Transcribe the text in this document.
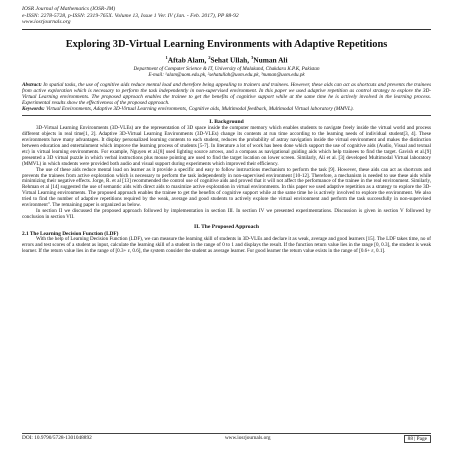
IOSR Journal of Mathematics (IOSR-JM)
e-ISSN: 2278-5728, p-ISSN: 2319-765X. Volume 13, Issue 1 Ver. IV (Jan. - Feb. 2017), PP 88-92
www.iosrjournals.org
Exploring 3D-Virtual Learning Environments with Adaptive Repetitions
$^1$Aftab Alam, $^2$Sehat Ullah, $^3$Numan Ali
Department of Computer Science & IT, University of Malakand, Chakdara K.P.K, Pakistan
E-mail: ¹alam@uom.edu.pk, ²sehatullah@uom.edu.pk, ³numan@uom.edu.pk
Abstract: In spatial tasks, the use of cognitive aids reduce mental load and therefore being appealing to trainers and trainees. However, these aids can act as shortcuts and prevents the trainees from active exploration which is necessary to perform the task independently in non-supervised environment. In this paper we used adaptive repetition as control strategy to explore the 3D- Virtual Learning environments. The proposed approach enables the trainee to get the benefits of cognitive support while at the same time he is actively involved in the learning process. Experimental results show the effectiveness of the proposed approach.
Keywords: Virtual Environments, Adaptive 3D-Virtual Learning environments, Cognitive aids, Multimodal feedback, Multimodal Virtual laboratory (MMVL).
I. Background

3D-Virtual Learning Environments (3D-VLEs) are the representation of 3D space inside the computer memory which enables students to navigate freely inside the virtual world and process different objects in real time[1, 2]. Adaptive 3D-Virtual Learning Environments (3D-VLEs) change its contents at run time according to the learning needs of individual student[3, 4]. These environments have many advantages. It display personalized learning contents to each student, reduces the probability of astray navigation inside the virtual environment and makes the distinction between education and entertainment which improve the learning process of students [5-7]. In literature a lot of work has been done which support the use of cognitive aids (Audio, Visual and textual etc) in virtual learning environments. For example, Nguyen et al.[8] used lighting source arrows, and a compass as navigational guiding aids which help trainees to find the target. Gavish et al.[9] presented a 3D virtual puzzle in which verbal instructions plus mouse pointing are used to find the target location on lower screen. Similarly, Ali et al. [3] developed Multimodal Virtual laboratory (MMVL) in which students were provided both audio and visual support during experiments which improved their efficiency.

The use of these aids reduce mental load on learner as it provide a specific and easy to follow instructions mechanism to perform the task [9]. However, these aids can act as shortcuts and prevents the trainees from active exploration which is necessary to perform the task independently in non-supervised environment [10-12]. Therefore, a mechanism is needed to use these aids while minimizing their negative effects. Jorge, R. et al [13] recommended the control use of cognitive aids and proved that it will not affect the performance of the trainee in the real environment. Similarly, Rehman et al [14] suggested the use of semantic aids with direct aids to maximize active exploration in virtual environments. In this paper we used adaptive repetition as a strategy to explore the 3D- Virtual Learning environments. The proposed approach enables the trainee to get the benefits of cognitive support while at the same time he is actively involved to explore the environment. We also tried to find the number of adaptive repetitions required by the weak, average and good students to actively explore the virtual environment and perform the task successfully in non-supervised environment". The remaining paper is organized as below.

In section II we discussed the proposed approach followed by implementation in section III. In section IV we presented experimentations. Discussion is given in section V followed by conclusion in section VII.

II. The Proposed Approach
2.1 The Learning Decision Function (LDF)

With the help of Learning Decision Function (LDF), we can measure the learning skill of students in 3D-VLEs and declare it as weak, average and good learners [15]. The LDF takes time, no of errors and test scores of a student as input, calculate the learning skill of a student in the range of 0 to 1 and displays the result. If the function return value lies in the range [0, 0.3], the student is weak learner. If the return value lies in the range of [0.3+ ε, 0.6], the system consider the student as average learner. For good learner the return value exists in the range of [0.6+ ε, 0.1].

DOI: 10.9790/5728-1301048892	www.iosrjournals.org	88 | Page
